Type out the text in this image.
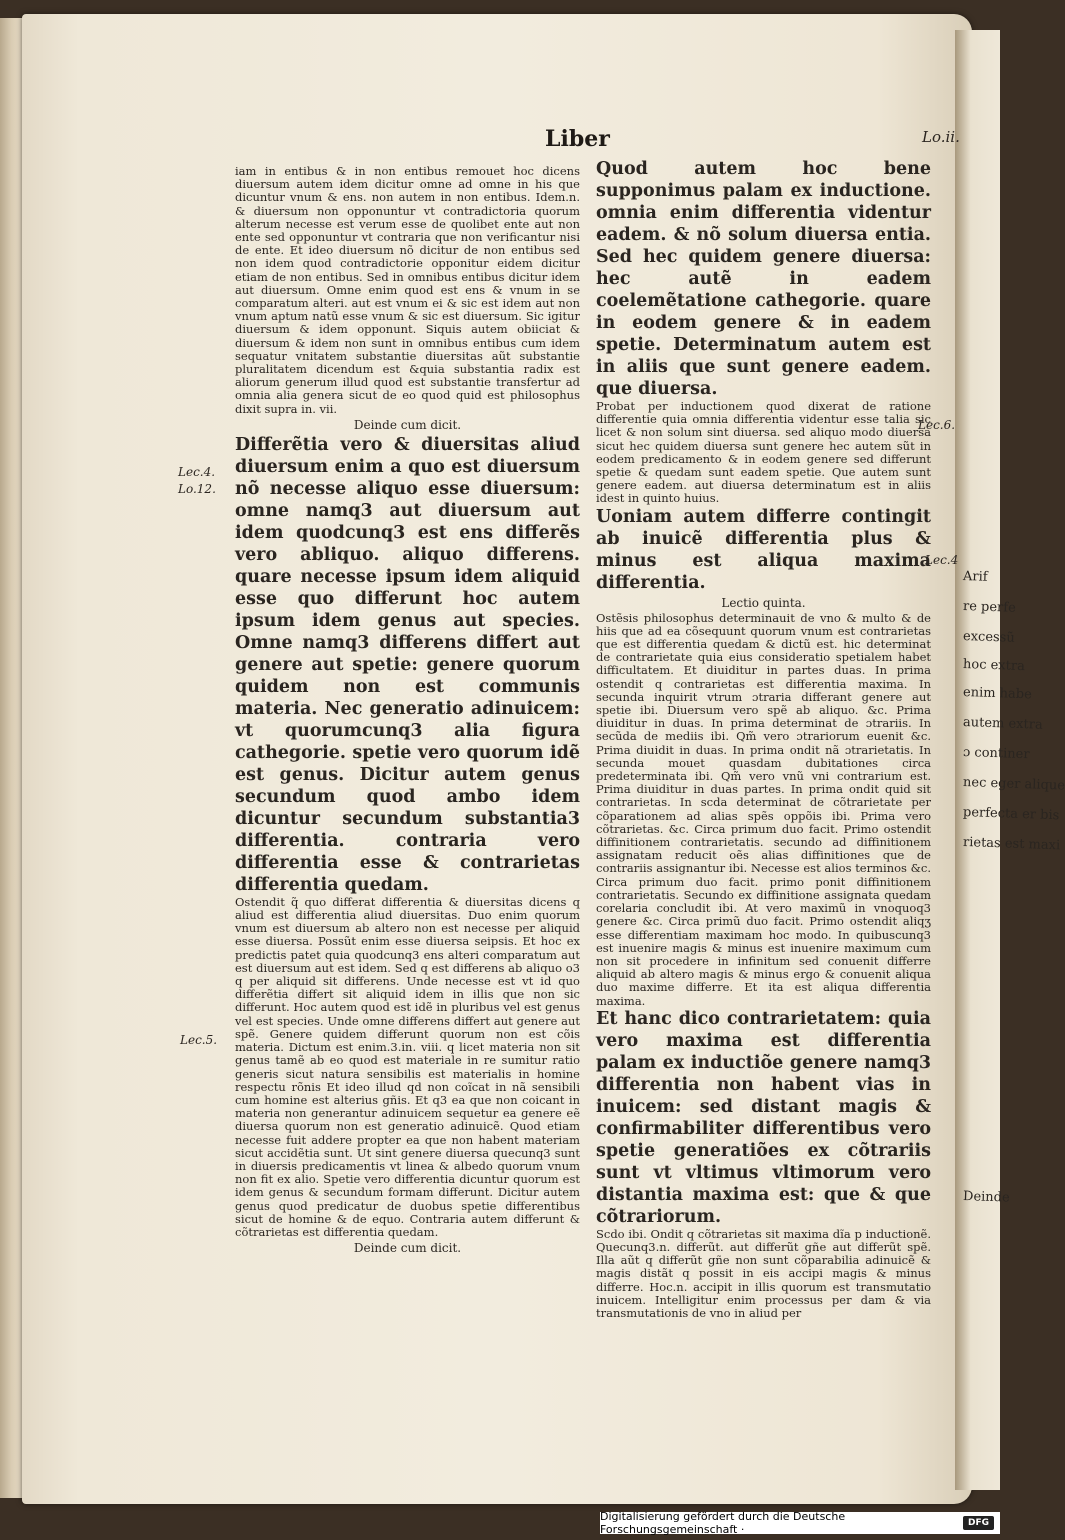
Arif
re perfe
excessũ
hoc extra
enim habe
autem extra
ɔ continer
nec eger alique
perfecta er bis
rietas est maxi
Deinde
Liber	Lo.ii.
Lec.4.
Lo.12.
Lec.5.
Lec.6.
Lec.4

iam in entibus & in non entibus remouet hoc dicens diuersum autem idem dicitur omne ad omne in his que dicuntur vnum & ens. non autem in non entibus. Idem.n. & diuersum non opponuntur vt contradictoria quorum alterum necesse est verum esse de quolibet ente aut non ente sed opponuntur vt contraria que non verificantur nisi de ente. Et ideo diuersum nõ dicitur de non entibus sed non idem quod contradictorie opponitur eidem dicitur etiam de non entibus. Sed in omnibus entibus dicitur idem aut diuersum. Omne enim quod est ens & vnum in se comparatum alteri. aut est vnum ei & sic est idem aut non vnum aptum natũ esse vnum & sic est diuersum. Sic igitur diuersum & idem opponunt. Siquis autem obiiciat & diuersum & idem non sunt in omnibus entibus cum idem sequatur vnitatem substantie diuersitas aũt substantie pluralitatem dicendum est &quia substantia radix est aliorum generum illud quod est substantie transfertur ad omnia alia genera sicut de eo quod quid est philosophus dixit supra in. vii.

Deinde cum dicit.

Differẽtia vero & diuersitas aliud diuersum enim a quo est diuersum nõ necesse aliquo esse diuersum: omne namq3 aut diuersum aut idem quodcunq3 est ens differẽs vero abliquo. aliquo differens. quare necesse ipsum idem aliquid esse quo differunt hoc autem ipsum idem genus aut species. Omne namq3 differens differt aut genere aut spetie: genere quorum quidem non est communis materia. Nec generatio adinuicem: vt quorumcunq3 alia figura cathegorie. spetie vero quorum idẽ est genus. Dicitur autem genus secundum quod ambo idem dicuntur secundum substantia3 differentia. contraria vero differentia esse & contrarietas differentia quedam.

Ostendit q̃ quo differat differentia & diuersitas dicens q aliud est differentia aliud diuersitas. Duo enim quorum vnum est diuersum ab altero non est necesse per aliquid esse diuersa. Possũt enim esse diuersa seipsis. Et hoc ex predictis patet quia quodcunq3 ens alteri comparatum aut est diuersum aut est idem. Sed q est differens ab aliquo o3 q per aliquid sit differens. Unde necesse est vt id quo differẽtia differt sit aliquid idem in illis que non sic differunt. Hoc autem quod est idẽ in pluribus vel est genus vel est species. Unde omne differens differt aut genere aut spẽ. Genere quidem differunt quorum non est cõis materia. Dictum est enim.3.in. viii. q licet materia non sit genus tamẽ ab eo quod est materiale in re sumitur ratio generis sicut natura sensibilis est materialis in homine respectu rõnis Et ideo illud qd non coĩcat in nã sensibili cum homine est alterius gñis. Et q3 ea que non coicant in materia non generantur adinuicem sequetur ea genere eẽ diuersa quorum non est generatio adinuicẽ. Quod etiam necesse fuit addere propter ea que non habent materiam sicut accidẽtia sunt. Ut sint genere diuersa quecunq3 sunt in diuersis predicamentis vt linea & albedo quorum vnum non fit ex alio. Spetie vero differentia dicuntur quorum est idem genus & secundum formam differunt. Dicitur autem genus quod predicatur de duobus spetie differentibus sicut de homine & de equo. Contraria autem differunt & cõtrarietas est differentia quedam.

Deinde cum dicit.

Quod autem hoc bene supponimus palam ex inductione. omnia enim differentia videntur eadem. & nõ solum diuersa entia. Sed hec quidem genere diuersa: hec autẽ in eadem coelemẽtatione cathegorie. quare in eodem genere & in eadem spetie. Determinatum autem est in aliis que sunt genere eadem. que diuersa.

Probat per inductionem quod dixerat de ratione differentie quia omnia differentia videntur esse talia sic licet & non solum sint diuersa. sed aliquo modo diuersa sicut hec quidem diuersa sunt genere hec autem sũt in eodem predicamento & in eodem genere sed differunt spetie & quedam sunt eadem spetie. Que autem sunt genere eadem. aut diuersa determinatum est in aliis idest in quinto huius.

Uoniam autem differre contingit ab inuicẽ differentia plus & minus est aliqua maxima differentia.

Lectio quinta.

Ostẽsis philosophus determinauit de vno & multo & de hiis que ad ea cõsequunt quorum vnum est contrarietas que est differentia quedam & dictũ est. hic determinat de contrarietate quia eius consideratio spetialem habet difficultatem. Et diuiditur in partes duas. In prima ostendit q contrarietas est differentia maxima. In secunda inquirit vtrum ɔtraria differant genere aut spetie ibi. Diuersum vero spẽ ab aliquo. &c. Prima diuiditur in duas. In prima determinat de ɔtrariis. In secũda de mediis ibi. Qm̃ vero ɔtrariorum euenit &c. Prima diuidit in duas. In prima ondit nã ɔtrarietatis. In secunda mouet quasdam dubitationes circa predeterminata ibi. Qm̃ vero vnũ vni contrarium est. Prima diuiditur in duas partes. In prima ondit quid sit contrarietas. In scda determinat de cõtrarietate per cõparationem ad alias spẽs oppõis ibi. Prima vero cõtrarietas. &c. Circa primum duo facit. Primo ostendit diffinitionem contrarietatis. secundo ad diffinitionem assignatam reducit oẽs alias diffinitiones que de contrariis assignantur ibi. Necesse est alios terminos &c. Circa primum duo facit. primo ponit diffinitionem contrarietatis. Secundo ex diffinitione assignata quedam corelaria concludit ibi. At vero maximũ in vnoquoq3 genere &c. Circa primũ duo facit. Primo ostendit aliqʒ esse differentiam maximam hoc modo. In quibuscunq3 est inuenire magis & minus est inuenire maximum cum non sit procedere in infinitum sed conuenit differre aliquid ab altero magis & minus ergo & conuenit aliqua duo maxime differre. Et ita est aliqua differentia maxima.

Et hanc dico contrarietatem: quia vero maxima est differentia palam ex inductiõe genere namq3 differentia non habent vias in inuicem: sed distant magis & confirmabiliter differentibus vero spetie generatiões ex cõtrariis sunt vt vltimus vltimorum vero distantia maxima est: que & que cõtrariorum.

Scdo ibi. Ondit q cõtrarietas sit maxima dĩa p inductionẽ. Quecunq3.n. differũt. aut differũt gñe aut differũt spẽ. Illa aũt q differũt gñe non sunt cõparabilia adinuicẽ & magis distãt q possit in eis accipi magis & minus differre. Hoc.n. accipit in illis quorum est transmutatio inuicem. Intelligitur enim processus per dam & via transmutationis de vno in aliud per

Digitalisierung gefördert durch die Deutsche Forschungsgemeinschaft ·	DFG
